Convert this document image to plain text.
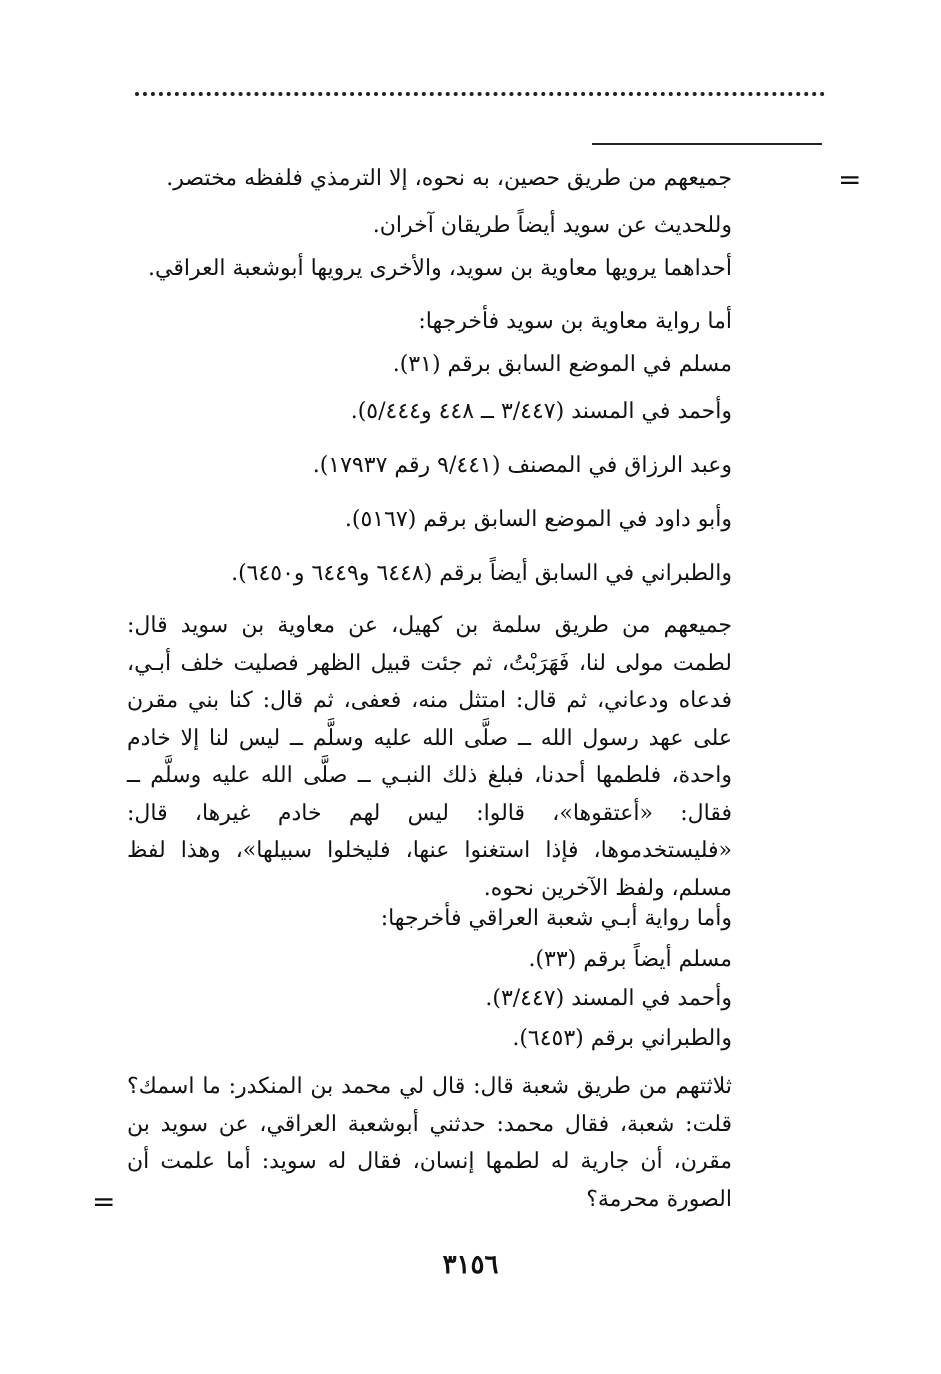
=
جميعهم من طريق حصين، به نحوه، إلا الترمذي فلفظه مختصر.
وللحديث عن سويد أيضاً طريقان آخران.
أحداهما يرويها معاوية بن سويد، والأخرى يرويها أبوشعبة العراقي.
أما رواية معاوية بن سويد فأخرجها:
مسلم في الموضع السابق برقم (٣١).
وأحمد في المسند (٣/٤٤٧ ــ ٤٤٨ و٥/٤٤٤).
وعبد الرزاق في المصنف (٩/٤٤١ رقم ١٧٩٣٧).
وأبو داود في الموضع السابق برقم (٥١٦٧).
والطبراني في السابق أيضاً برقم (٦٤٤٨ و٦٤٤٩ و٦٤٥٠).
جميعهم من طريق سلمة بن كهيل، عن معاوية بن سويد قال: لطمت مولى لنا، فَهَرَبْتُ، ثم جئت قبيل الظهر فصليت خلف أبـي، فدعاه ودعاني، ثم قال: امتثل منه، فعفى، ثم قال: كنا بني مقرن على عهد رسول الله ــ صلَّى الله عليه وسلَّم ــ ليس لنا إلا خادم واحدة، فلطمها أحدنا، فبلغ ذلك النبـي ــ صلَّى الله عليه وسلَّم ــ فقال: «أعتقوها»، قالوا: ليس لهم خادم غيرها، قال: «فليستخدموها، فإذا استغنوا عنها، فليخلوا سبيلها»، وهذا لفظ مسلم، ولفظ الآخرين نحوه.
وأما رواية أبـي شعبة العراقي فأخرجها:
مسلم أيضاً برقم (٣٣).
وأحمد في المسند (٣/٤٤٧).
والطبراني برقم (٦٤٥٣).
ثلاثتهم من طريق شعبة قال: قال لي محمد بن المنكدر: ما اسمك؟ قلت: شعبة، فقال محمد: حدثني أبوشعبة العراقي، عن سويد بن مقرن، أن جارية له لطمها إنسان، فقال له سويد: أما علمت أن الصورة محرمة؟
=
٣١٥٦
